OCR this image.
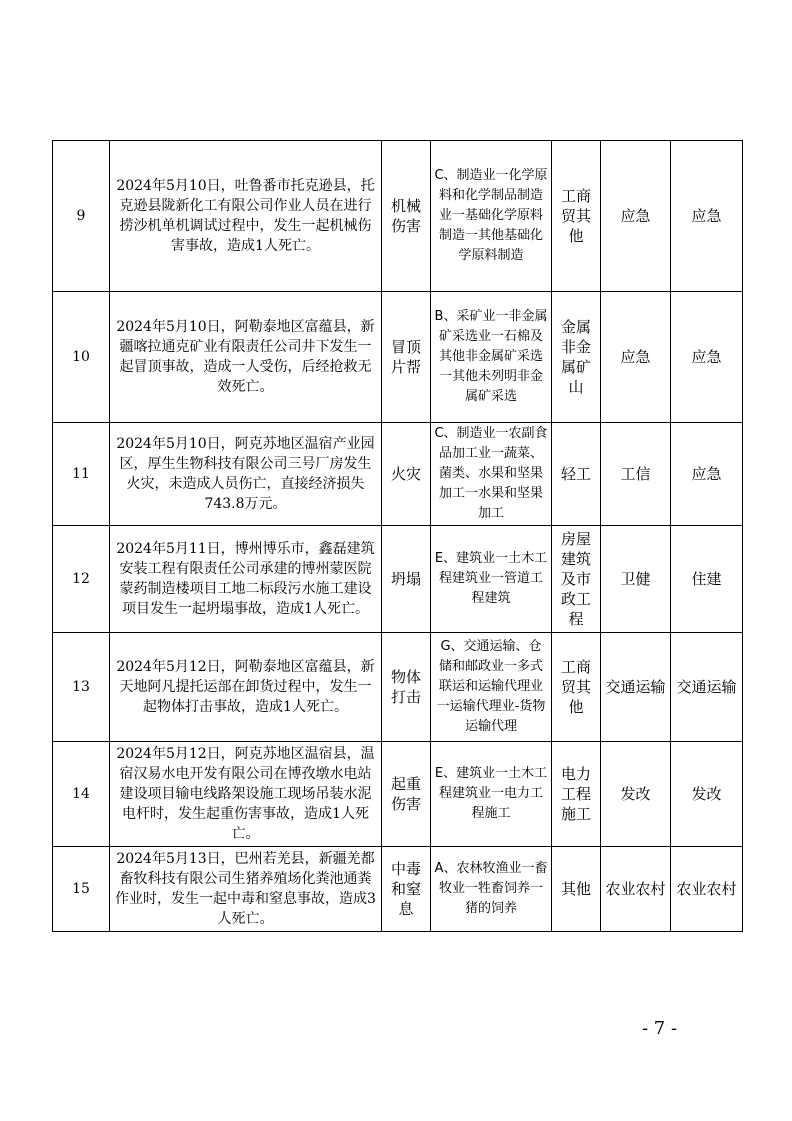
9	2024年5月10日，吐鲁番市托克逊县，托克逊县陇新化工有限公司作业人员在进行捞沙机单机调试过程中，发生一起机械伤害事故，造成1人死亡。	机械伤害	C、制造业一化学原料和化学制品制造业一基础化学原料制造一其他基础化学原料制造	工商贸其他	应急	应急
10	2024年5月10日，阿勒泰地区富蕴县，新疆喀拉通克矿业有限责任公司井下发生一起冒顶事故，造成一人受伤，后经抢救无效死亡。	冒顶片帮	B、采矿业一非金属矿采选业一石棉及其他非金属矿采选一其他未列明非金属矿采选	金属非金属矿山	应急	应急
11	2024年5月10日，阿克苏地区温宿产业园区，厚生生物科技有限公司三号厂房发生火灾，未造成人员伤亡，直接经济损失743.8万元。	火灾	C、制造业一农副食品加工业一蔬菜、菌类、水果和坚果加工一水果和坚果加工	轻工	工信	应急
12	2024年5月11日，博州博乐市，鑫磊建筑安装工程有限责任公司承建的博州蒙医院蒙药制造楼项目工地二标段污水施工建设项目发生一起坍塌事故，造成1人死亡。	坍塌	E、建筑业一土木工程建筑业一管道工程建筑	房屋建筑及市政工程	卫健	住建
13	2024年5月12日，阿勒泰地区富蕴县，新天地阿凡提托运部在卸货过程中，发生一起物体打击事故，造成1人死亡。	物体打击	G、交通运输、仓储和邮政业一多式联运和运输代理业一运输代理业-货物运输代理	工商贸其他	交通运输	交通运输
14	2024年5月12日，阿克苏地区温宿县，温宿汉易水电开发有限公司在博孜墩水电站建设项目输电线路架设施工现场吊装水泥电杆时，发生起重伤害事故，造成1人死亡。	起重伤害	E、建筑业一土木工程建筑业一电力工程施工	电力工程施工	发改	发改
15	2024年5月13日，巴州若羌县，新疆羌都畜牧科技有限公司生猪养殖场化粪池通粪作业时，发生一起中毒和窒息事故，造成3人死亡。	中毒和窒息	A、农林牧渔业一畜牧业一牲畜饲养一猪的饲养	其他	农业农村	农业农村
- 7 -
